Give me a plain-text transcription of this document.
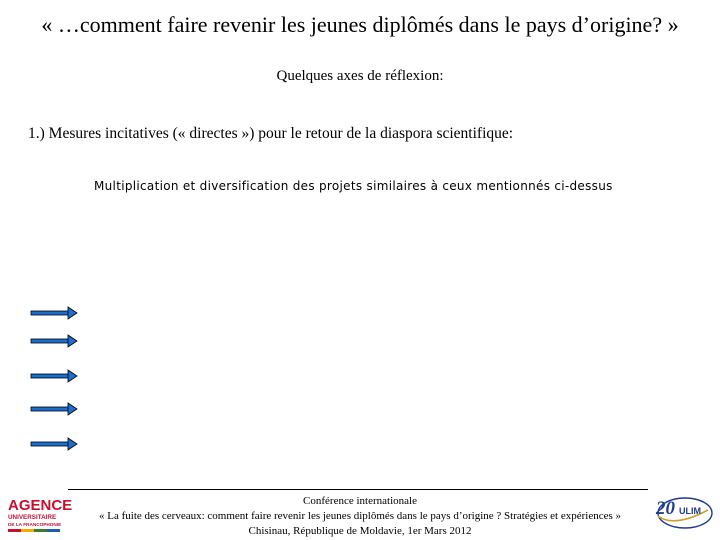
« …comment faire revenir les jeunes diplômés dans le pays d’origine? »
Quelques axes de réflexion:
1.) Mesures incitatives (« directes ») pour le retour de la diaspora scientifique:
Multiplication et diversification des projets similaires à ceux mentionnés ci-dessus
Conférence internationale
« La fuite des cerveaux: comment faire revenir les jeunes diplômés dans le pays d’origine ? Stratégies et expériences »
Chisinau, République de Moldavie, 1er Mars 2012
AGENCE
UNIVERSITAIRE
DE LA FRANCOPHONIE
20 ULIM
